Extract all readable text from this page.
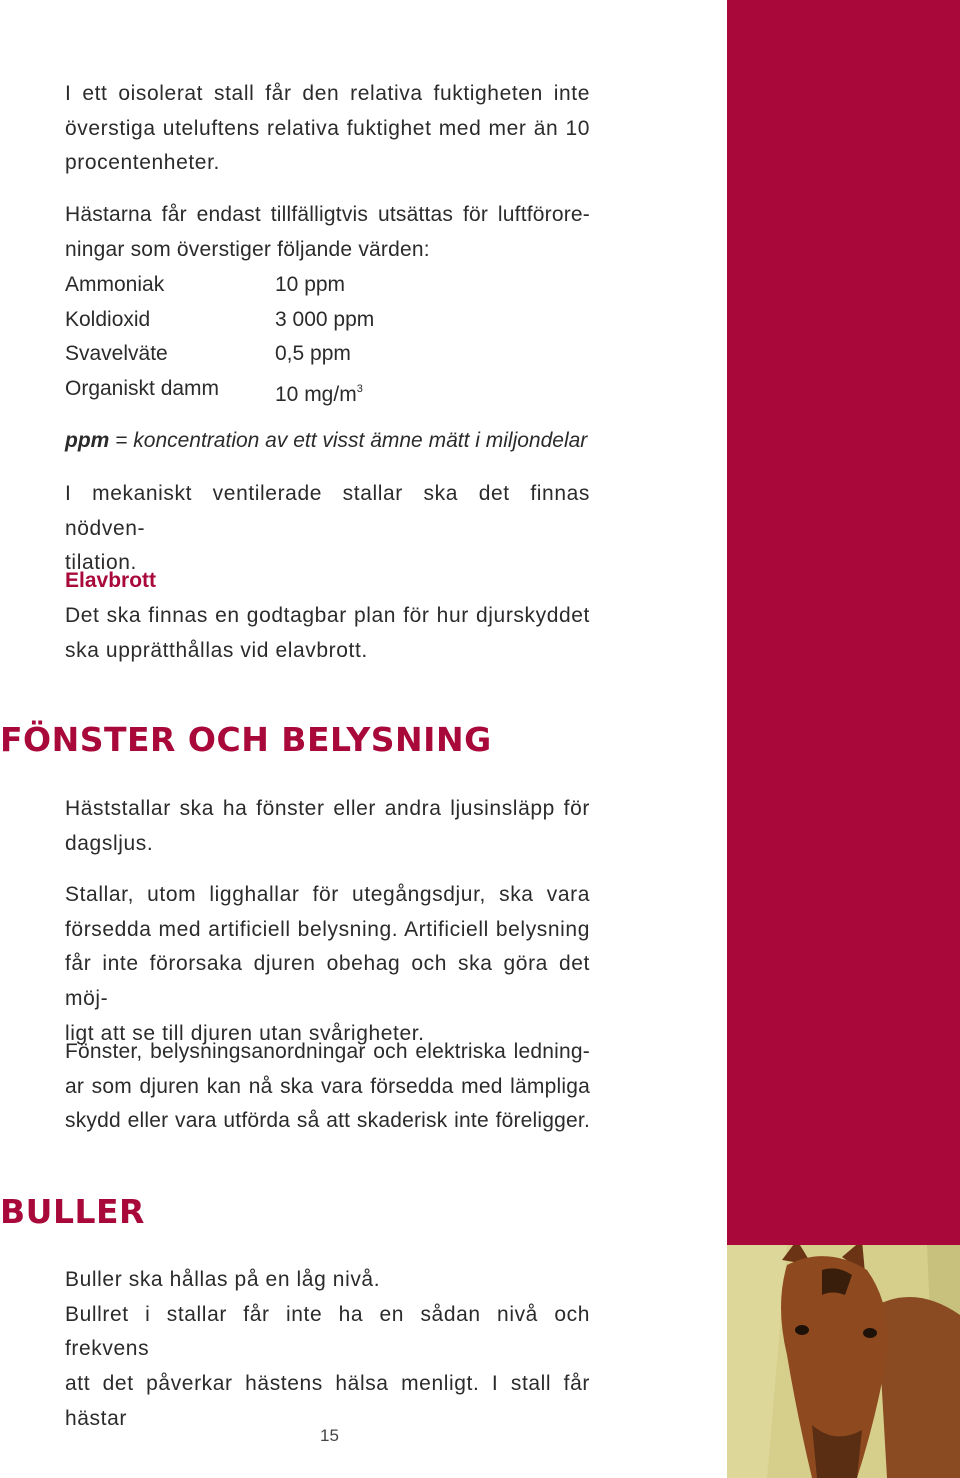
I ett oisolerat stall får den relativa fuktigheten inte
överstiga uteluftens relativa fuktighet med mer än 10
procentenheter.
Hästarna får endast tillfälligtvis utsättas för luftförore-
ningar som överstiger följande värden:
Ammoniak	10 ppm
Koldioxid	3 000 ppm
Svavelväte	0,5 ppm
Organiskt damm	10 $mg/m^3$
ppm = koncentration av ett visst ämne mätt i miljondelar
I mekaniskt ventilerade stallar ska det finnas nödven-
tilation.
Elavbrott
Det ska finnas en godtagbar plan för hur djurskyddet
ska upprätthållas vid elavbrott.
FÖNSTER OCH BELYSNING
Häststallar ska ha fönster eller andra ljusinsläpp för
dagsljus.
Stallar, utom ligghallar för utegångsdjur, ska vara
försedda med artificiell belysning. Artificiell belysning
får inte förorsaka djuren obehag och ska göra det möj-
ligt att se till djuren utan svårigheter.
Fönster, belysningsanordningar och elektriska ledning-
ar som djuren kan nå ska vara försedda med lämpliga
skydd eller vara utförda så att skaderisk inte föreligger.
BULLER
Buller ska hållas på en låg nivå.
Bullret i stallar får inte ha en sådan nivå och frekvens
att det påverkar hästens hälsa menligt. I stall får hästar
15
